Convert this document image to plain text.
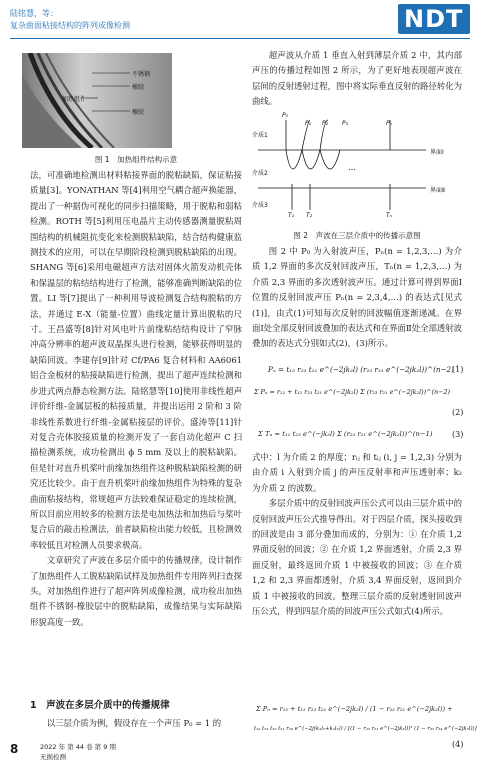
陆铭慧，等：
复杂曲面粘接结构的阵列成像检测	NDT
不锈钢
橡胶
加热组件
橡胶
图 1　加热组件结构示意

法，可准确地检测出材料粘接界面的脱粘缺陷，保证粘接质量[3]。YONATHAN 等[4]利用空气耦合超声换能器，提出了一种据伪可视化的同步扫描策略，用于脱粘和弱粘检测。ROTH 等[5]利用压电晶片主动传感器测量脱粘周围结构的机械阻抗变化来检测脱粘缺陷，结合结构健康监测技术的应用，可以在早期阶段检测到脱粘缺陷的出现。SHANG 等[6]采用电磁超声方法对固体火箭发动机壳体和保温层的粘结结构进行了检测，能够准确判断缺陷的位置。LI 等[7]提出了一种利用导波检测复合结构脱粘的方法，并通过 E-X（能量-位置）曲线定量计算出脱粘的尺寸。王昌盛等[8]针对风电叶片前缘粘结结构设计了窄脉冲高分辨率的超声波双晶探头进行检测，能够获得明显的缺陷回波。李建存[9]针对 Cf/PA6 复合材料和 AA6061 铝合金板材的粘接缺陷进行检测，提出了超声连续检测和步进式两点静态检测方法。陆铭慧等[10]使用非线性超声评价纤维-金属层板的粘接质量，并提出运用 2 阶和 3 阶非线性系数进行纤维-金属粘接层的评价。盛涛等[11]针对复合壳体胶接质量的检测开发了一套自动化超声 C 扫描检测系统，成功检测出 ϕ 5 mm 及以上的脱粘缺陷。但是针对直升机桨叶前缘加热组件这种脱粘缺陷检测的研究还比较少。由于直升机桨叶前缘加热组件为特殊的复杂曲面粘接结构，常规超声方法较难保证稳定的连续检测，所以目前应用较多的检测方法是电加热法和加热后与桨叶复合后的敲击检测法，前者缺陷检出能力较低，且检测效率较低且对检测人员要求极高。

文章研究了声波在多层介质中的传播规律，设计制作了加热组件人工脱粘缺陷试样及加热组件专用阵列扫查探头，对加热组件进行了超声阵列成像检测，成功检出加热组件不锈钢-橡胶层中的脱粘缺陷，成像结果与实际缺陷形貌高度一致。

1　声波在多层介质中的传播规律

以三层介质为例，假设存在一个声压 P₀ = 1 的

超声波从介质 1 垂直入射到薄层介质 2 中，其内部声压的传播过程如图 2 所示，为了更好地表现超声波在层间的反射透射过程，图中将实际垂直反射的路径转化为曲线。

…
P₀
P₁ P₂ P₃	Pₙ
T₁ T₂	Tₙ
介质1
介质2
介质3
界面Ⅰ
界面Ⅱ
图 2　声波在三层介质中的传播示意图

图 2 中 P₀ 为入射波声压，Pₙ(n = 1,2,3,…) 为介质 1,2 界面的多次反射回波声压，Tₙ(n = 1,2,3,…) 为介质 2,3 界面的多次透射波声压。通过计算可得到界面Ⅰ位置的反射回波声压 Pₙ(n = 2,3,4,…) 的表达式[见式(1)]，由式(1)可知每次反射的回波幅值逐渐递减。在界面Ⅰ处全部反射回波叠加的表达式和在界面Ⅱ处全部透射波叠加的表达式分别如式(2)，(3)所示。

Pₙ = t₁₂ r₂₃ t₂₁ e^(−2jk₂l) (r₂₃ r₂₁ e^(−2jk₂l))^(n−2)
(1)
Σ Pₙ = r₁₂ + t₁₂ r₂₃ t₂₁ e^(−2jk₂l) Σ (r₂₃ r₂₁ e^(−2jk₂l))^(n−2)
(2)
Σ Tₙ = t₁₂ t₂₃ e^(−jk₂l) Σ (r₂₃ r₂₁ e^(−2jk₂l))^(n−1) (3)

式中：l 为介质 2 的厚度；rᵢⱼ 和 tᵢⱼ (i, j = 1,2,3) 分别为由介质 i 入射到介质 j 的声压反射率和声压透射率；k₂ 为介质 2 的波数。

多层介质中的反射回波声压公式可以由三层介质中的反射回波声压公式推导得出。对于四层介质，探头接收到的回波是由 3 部分叠加而成的，分别为：① 在介质 1,2 界面反射的回波；② 在介质 1,2 界面透射，介质 2,3 界面反射，最终返回介质 1 中被接收的回波；③ 在介质 1,2 和 2,3 界面都透射，介质 3,4 界面反射，返回到介质 1 中被接收的回波。整理三层介质的反射透射回波声压公式，得到四层介质的回波声压公式如式(4)所示。

Σ Pₙ = r₁₂ + t₁₂ r₂₃ t₂₁ e^(−2jk₂l) / (1 − r₂₃ r₂₁ e^(−2jk₂l)) +
t₁₂ t₂₃ t₃₂ t₂₁ r₃₄ e^(−2j(k₂l₂+k₃l₃)) / [(1 − r₂₃ r₂₁ e^(−2jk₂l))² (1 − r₃₂ r₃₄ e^(−2jk₃l))]
(4)
8	2022 年 第 44 卷 第 9 期
无损检测
